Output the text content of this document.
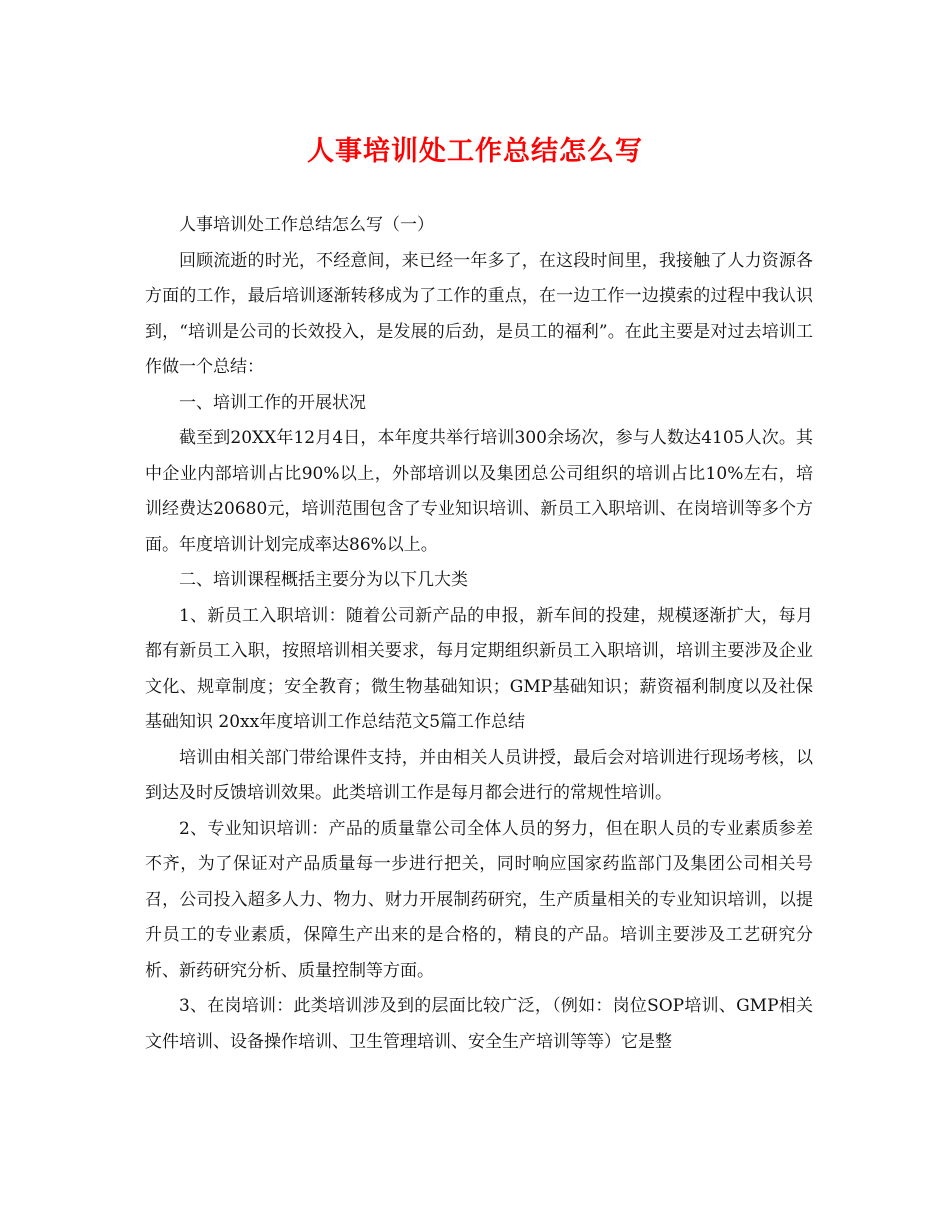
人事培训处工作总结怎么写

人事培训处工作总结怎么写（一）

回顾流逝的时光，不经意间，来已经一年多了，在这段时间里，我接触了人力资源各方面的工作，最后培训逐渐转移成为了工作的重点，在一边工作一边摸索的过程中我认识到，“培训是公司的长效投入，是发展的后劲，是员工的福利”。在此主要是对过去培训工作做一个总结：

一、培训工作的开展状况

截至到20XX年12月4日，本年度共举行培训300余场次，参与人数达4105人次。其中企业内部培训占比90%以上，外部培训以及集团总公司组织的培训占比10%左右，培训经费达20680元，培训范围包含了专业知识培训、新员工入职培训、在岗培训等多个方面。年度培训计划完成率达86%以上。

二、培训课程概括主要分为以下几大类

1、新员工入职培训：随着公司新产品的申报，新车间的投建，规模逐渐扩大，每月都有新员工入职，按照培训相关要求，每月定期组织新员工入职培训，培训主要涉及企业文化、规章制度；安全教育；微生物基础知识；GMP基础知识；薪资福利制度以及社保基础知识 20xx年度培训工作总结范文5篇工作总结

培训由相关部门带给课件支持，并由相关人员讲授，最后会对培训进行现场考核，以到达及时反馈培训效果。此类培训工作是每月都会进行的常规性培训。

2、专业知识培训：产品的质量靠公司全体人员的努力，但在职人员的专业素质参差不齐，为了保证对产品质量每一步进行把关，同时响应国家药监部门及集团公司相关号召，公司投入超多人力、物力、财力开展制药研究，生产质量相关的专业知识培训，以提升员工的专业素质，保障生产出来的是合格的，精良的产品。培训主要涉及工艺研究分析、新药研究分析、质量控制等方面。

3、在岗培训：此类培训涉及到的层面比较广泛，（例如：岗位SOP培训、GMP相关文件培训、设备操作培训、卫生管理培训、安全生产培训等等）它是整
